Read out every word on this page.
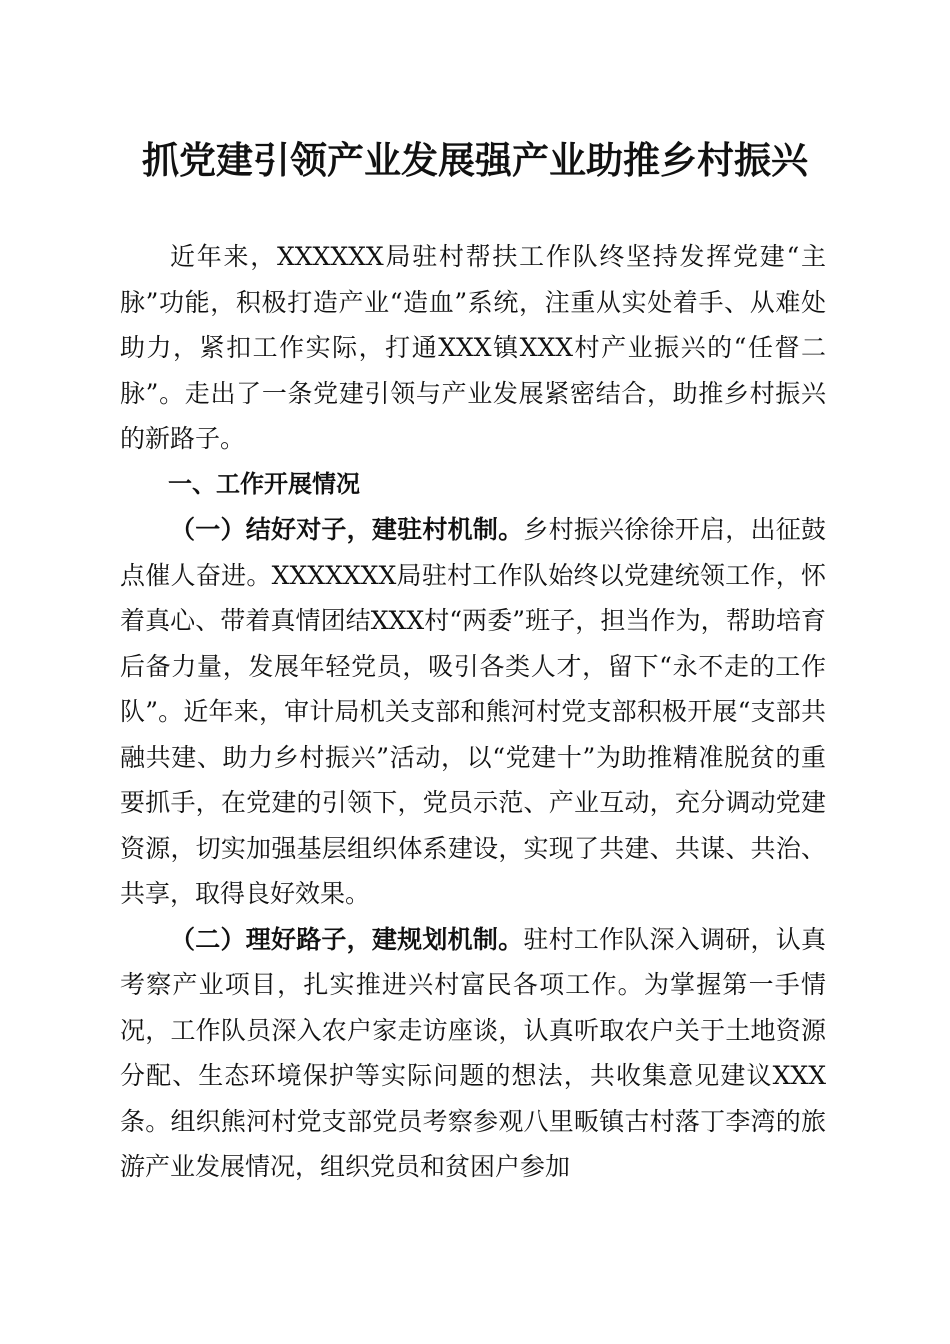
抓党建引领产业发展强产业助推乡村振兴

近年来，XXXXXX局驻村帮扶工作队终坚持发挥党建“主脉”功能，积极打造产业“造血”系统，注重从实处着手、从难处助力，紧扣工作实际，打通XXX镇XXX村产业振兴的“任督二脉”。走出了一条党建引领与产业发展紧密结合，助推乡村振兴的新路子。

一、工作开展情况

（一）结好对子，建驻村机制。乡村振兴徐徐开启，出征鼓点催人奋进。XXXXXXX局驻村工作队始终以党建统领工作，怀着真心、带着真情团结XXX村“两委”班子，担当作为，帮助培育后备力量，发展年轻党员，吸引各类人才，留下“永不走的工作队”。近年来，审计局机关支部和熊河村党支部积极开展“支部共融共建、助力乡村振兴”活动，以“党建十”为助推精准脱贫的重要抓手，在党建的引领下，党员示范、产业互动，充分调动党建资源，切实加强基层组织体系建设，实现了共建、共谋、共治、共享，取得良好效果。

（二）理好路子，建规划机制。驻村工作队深入调研，认真考察产业项目，扎实推进兴村富民各项工作。为掌握第一手情况，工作队员深入农户家走访座谈，认真听取农户关于土地资源分配、生态环境保护等实际问题的想法，共收集意见建议XXX条。组织熊河村党支部党员考察参观八里畈镇古村落丁李湾的旅游产业发展情况，组织党员和贫困户参加
